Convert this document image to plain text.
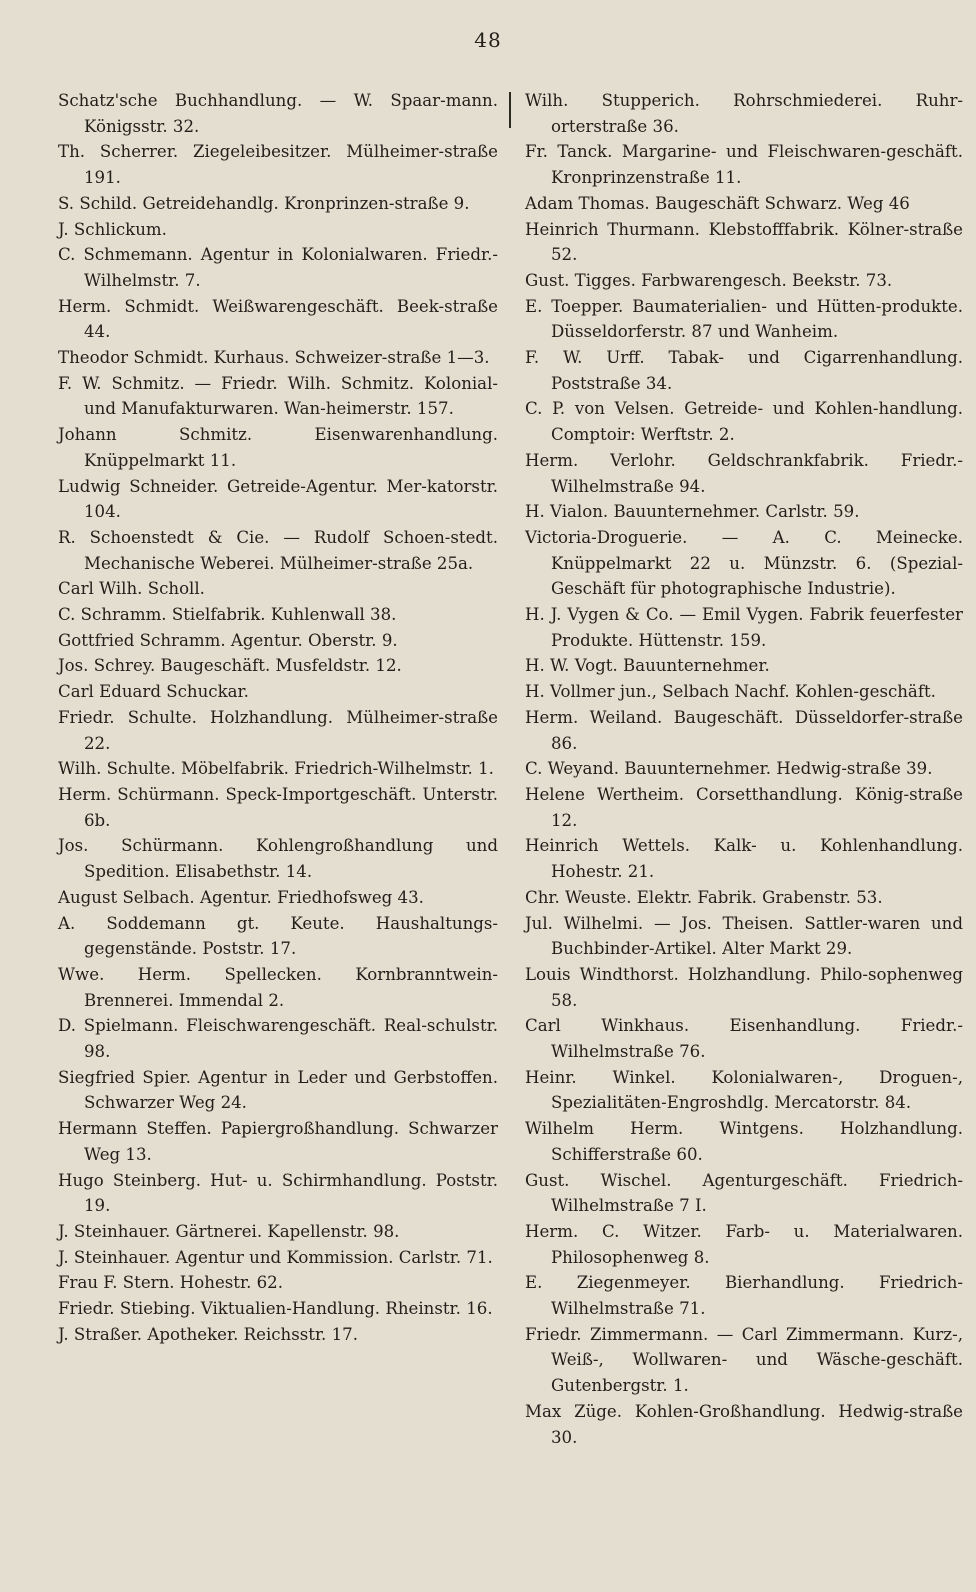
48
Schatz'sche Buchhandlung. — W. Spaar-mann. Königsstr. 32.
Th. Scherrer. Ziegeleibesitzer. Mülheimer-straße 191.
S. Schild. Getreidehandlg. Kronprinzen-straße 9.
J. Schlickum.
C. Schmemann. Agentur in Kolonialwaren. Friedr.-Wilhelmstr. 7.
Herm. Schmidt. Weißwarengeschäft. Beek-straße 44.
Theodor Schmidt. Kurhaus. Schweizer-straße 1—3.
F. W. Schmitz. — Friedr. Wilh. Schmitz. Kolonial- und Manufakturwaren. Wan-heimerstr. 157.
Johann Schmitz. Eisenwarenhandlung. Knüppelmarkt 11.
Ludwig Schneider. Getreide-Agentur. Mer-katorstr. 104.
R. Schoenstedt & Cie. — Rudolf Schoen-stedt. Mechanische Weberei. Mülheimer-straße 25a.
Carl Wilh. Scholl.
C. Schramm. Stielfabrik. Kuhlenwall 38.
Gottfried Schramm. Agentur. Oberstr. 9.
Jos. Schrey. Baugeschäft. Musfeldstr. 12.
Carl Eduard Schuckar.
Friedr. Schulte. Holzhandlung. Mülheimer-straße 22.
Wilh. Schulte. Möbelfabrik. Friedrich-Wilhelmstr. 1.
Herm. Schürmann. Speck-Importgeschäft. Unterstr. 6b.
Jos. Schürmann. Kohlengroßhandlung und Spedition. Elisabethstr. 14.
August Selbach. Agentur. Friedhofsweg 43.
A. Soddemann gt. Keute. Haushaltungs-gegenstände. Poststr. 17.
Wwe. Herm. Spellecken. Kornbranntwein-Brennerei. Immendal 2.
D. Spielmann. Fleischwarengeschäft. Real-schulstr. 98.
Siegfried Spier. Agentur in Leder und Gerbstoffen. Schwarzer Weg 24.
Hermann Steffen. Papiergroßhandlung. Schwarzer Weg 13.
Hugo Steinberg. Hut- u. Schirmhandlung. Poststr. 19.
J. Steinhauer. Gärtnerei. Kapellenstr. 98.
J. Steinhauer. Agentur und Kommission. Carlstr. 71.
Frau F. Stern. Hohestr. 62.
Friedr. Stiebing. Viktualien-Handlung. Rheinstr. 16.
J. Straßer. Apotheker. Reichsstr. 17.
Wilh. Stupperich. Rohrschmiederei. Ruhr-orterstraße 36.
Fr. Tanck. Margarine- und Fleischwaren-geschäft. Kronprinzenstraße 11.
Adam Thomas. Baugeschäft Schwarz. Weg 46
Heinrich Thurmann. Klebstofffabrik. Kölner-straße 52.
Gust. Tigges. Farbwarengesch. Beekstr. 73.
E. Toepper. Baumaterialien- und Hütten-produkte. Düsseldorferstr. 87 und Wanheim.
F. W. Urff. Tabak- und Cigarrenhandlung. Poststraße 34.
C. P. von Velsen. Getreide- und Kohlen-handlung. Comptoir: Werftstr. 2.
Herm. Verlohr. Geldschrankfabrik. Friedr.-Wilhelmstraße 94.
H. Vialon. Bauunternehmer. Carlstr. 59.
Victoria-Droguerie. — A. C. Meinecke. Knüppelmarkt 22 u. Münzstr. 6. (Spezial-Geschäft für photographische Industrie).
H. J. Vygen & Co. — Emil Vygen. Fabrik feuerfester Produkte. Hüttenstr. 159.
H. W. Vogt. Bauunternehmer.
H. Vollmer jun., Selbach Nachf. Kohlen-geschäft.
Herm. Weiland. Baugeschäft. Düsseldorfer-straße 86.
C. Weyand. Bauunternehmer. Hedwig-straße 39.
Helene Wertheim. Corsetthandlung. König-straße 12.
Heinrich Wettels. Kalk- u. Kohlenhandlung. Hohestr. 21.
Chr. Weuste. Elektr. Fabrik. Grabenstr. 53.
Jul. Wilhelmi. — Jos. Theisen. Sattler-waren und Buchbinder-Artikel. Alter Markt 29.
Louis Windthorst. Holzhandlung. Philo-sophenweg 58.
Carl Winkhaus. Eisenhandlung. Friedr.-Wilhelmstraße 76.
Heinr. Winkel. Kolonialwaren-, Droguen-, Spezialitäten-Engroshdlg. Mercatorstr. 84.
Wilhelm Herm. Wintgens. Holzhandlung. Schifferstraße 60.
Gust. Wischel. Agenturgeschäft. Friedrich-Wilhelmstraße 7 I.
Herm. C. Witzer. Farb- u. Materialwaren. Philosophenweg 8.
E. Ziegenmeyer. Bierhandlung. Friedrich-Wilhelmstraße 71.
Friedr. Zimmermann. — Carl Zimmermann. Kurz-, Weiß-, Wollwaren- und Wäsche-geschäft. Gutenbergstr. 1.
Max Züge. Kohlen-Großhandlung. Hedwig-straße 30.
